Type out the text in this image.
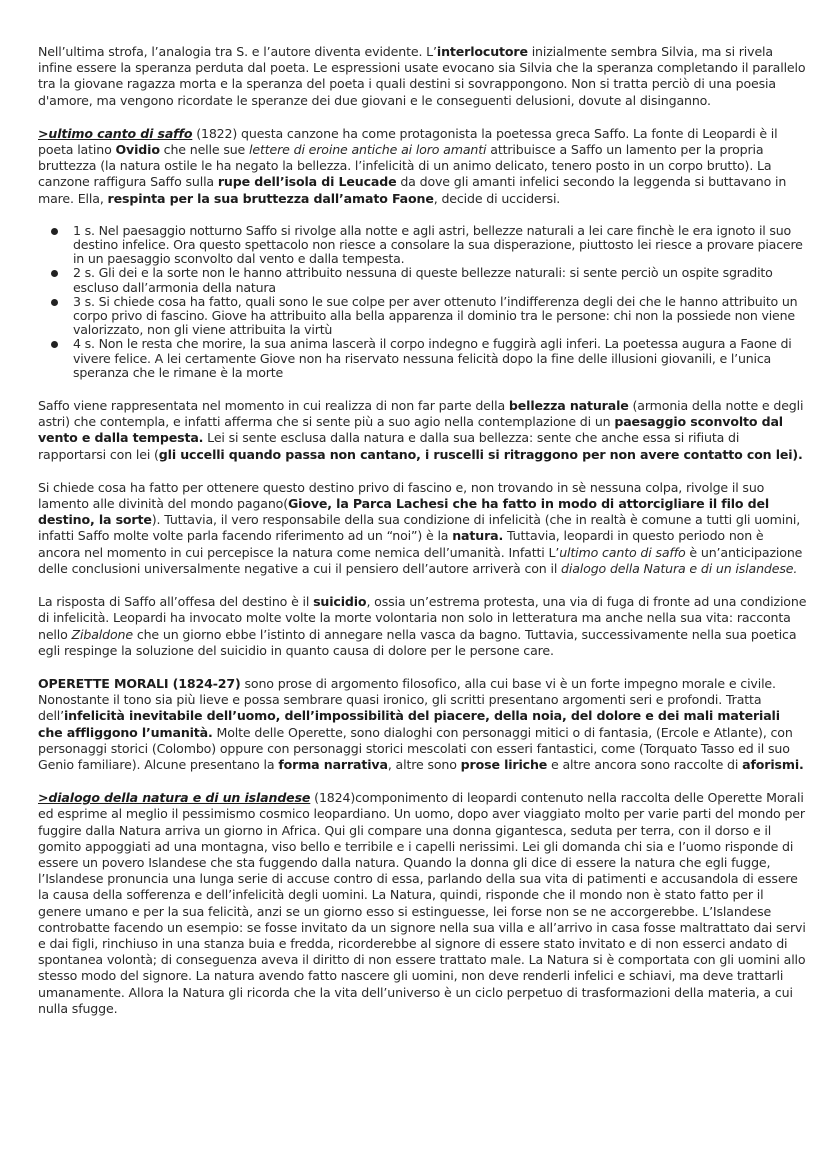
Nell’ultima strofa, l’analogia tra S. e l’autore diventa evidente. L’interlocutore inizialmente sembra Silvia, ma si rivela infine essere la speranza perduta dal poeta. Le espressioni usate evocano sia Silvia che la speranza completando il parallelo tra la giovane ragazza morta e la speranza del poeta i quali destini si sovrappongono. Non si tratta perciò di una poesia d'amore, ma vengono ricordate le speranze dei due giovani e le conseguenti delusioni, dovute al disinganno.

>ultimo canto di saffo (1822) questa canzone ha come protagonista la poetessa greca Saffo. La fonte di Leopardi è il poeta latino Ovidio che nelle sue lettere di eroine antiche ai loro amanti attribuisce a Saffo un lamento per la propria bruttezza (la natura ostile le ha negato la bellezza. l’infelicità di un animo delicato, tenero posto in un corpo brutto). La canzone raffigura Saffo sulla rupe dell’isola di Leucade da dove gli amanti infelici secondo la leggenda si buttavano in mare. Ella, respinta per la sua bruttezza dall’amato Faone, decide di uccidersi.

1 s. Nel paesaggio notturno Saffo si rivolge alla notte e agli astri, bellezze naturali a lei care finchè le era ignoto il suo destino infelice. Ora questo spettacolo non riesce a consolare la sua disperazione, piuttosto lei riesce a provare piacere in un paesaggio sconvolto dal vento e dalla tempesta.
2 s. Gli dei e la sorte non le hanno attribuito nessuna di queste bellezze naturali: si sente perciò un ospite sgradito escluso dall’armonia della natura
3 s. Si chiede cosa ha fatto, quali sono le sue colpe per aver ottenuto l’indifferenza degli dei che le hanno attribuito un corpo privo di fascino. Giove ha attribuito alla bella apparenza il dominio tra le persone: chi non la possiede non viene valorizzato, non gli viene attribuita la virtù
4 s. Non le resta che morire, la sua anima lascerà il corpo indegno e fuggirà agli inferi. La poetessa augura a Faone di vivere felice. A lei certamente Giove non ha riservato nessuna felicità dopo la fine delle illusioni giovanili, e l’unica speranza che le rimane è la morte

Saffo viene rappresentata nel momento in cui realizza di non far parte della bellezza naturale (armonia della notte e degli astri) che contempla, e infatti afferma che si sente più a suo agio nella contemplazione di un paesaggio sconvolto dal vento e dalla tempesta. Lei si sente esclusa dalla natura e dalla sua bellezza: sente che anche essa si rifiuta di rapportarsi con lei (gli uccelli quando passa non cantano, i ruscelli si ritraggono per non avere contatto con lei).

Si chiede cosa ha fatto per ottenere questo destino privo di fascino e, non trovando in sè nessuna colpa, rivolge il suo lamento alle divinità del mondo pagano(Giove, la Parca Lachesi che ha fatto in modo di attorcigliare il filo del destino, la sorte). Tuttavia, il vero responsabile della sua condizione di infelicità (che in realtà è comune a tutti gli uomini, infatti Saffo molte volte parla facendo riferimento ad un “noi”) è la natura. Tuttavia, leopardi in questo periodo non è ancora nel momento in cui percepisce la natura come nemica dell’umanità. Infatti L’ultimo canto di saffo è un’anticipazione delle conclusioni universalmente negative a cui il pensiero dell’autore arriverà con il dialogo della Natura e di un islandese.

La risposta di Saffo all’offesa del destino è il suicidio, ossia un’estrema protesta, una via di fuga di fronte ad una condizione di infelicità. Leopardi ha invocato molte volte la morte volontaria non solo in letteratura ma anche nella sua vita: racconta nello Zibaldone che un giorno ebbe l’istinto di annegare nella vasca da bagno. Tuttavia, successivamente nella sua poetica egli respinge la soluzione del suicidio in quanto causa di dolore per le persone care.

OPERETTE MORALI (1824-27) sono prose di argomento filosofico, alla cui base vi è un forte impegno morale e civile. Nonostante il tono sia più lieve e possa sembrare quasi ironico, gli scritti presentano argomenti seri e profondi. Tratta dell’infelicità inevitabile dell’uomo, dell’impossibilità del piacere, della noia, del dolore e dei mali materiali che affliggono l’umanità. Molte delle Operette, sono dialoghi con personaggi mitici o di fantasia, (Ercole e Atlante), con personaggi storici (Colombo) oppure con personaggi storici mescolati con esseri fantastici, come (Torquato Tasso ed il suo Genio familiare). Alcune presentano la forma narrativa, altre sono prose liriche e altre ancora sono raccolte di aforismi.

>dialogo della natura e di un islandese (1824)componimento di leopardi contenuto nella raccolta delle Operette Morali ed esprime al meglio il pessimismo cosmico leopardiano. Un uomo, dopo aver viaggiato molto per varie parti del mondo per fuggire dalla Natura arriva un giorno in Africa. Qui gli compare una donna gigantesca, seduta per terra, con il dorso e il gomito appoggiati ad una montagna, viso bello e terribile e i capelli nerissimi. Lei gli domanda chi sia e l’uomo risponde di essere un povero Islandese che sta fuggendo dalla natura. Quando la donna gli dice di essere la natura che egli fugge, l’Islandese pronuncia una lunga serie di accuse contro di essa, parlando della sua vita di patimenti e accusandola di essere la causa della sofferenza e dell’infelicità degli uomini. La Natura, quindi, risponde che il mondo non è stato fatto per il genere umano e per la sua felicità, anzi se un giorno esso si estinguesse, lei forse non se ne accorgerebbe. L’Islandese controbatte facendo un esempio: se fosse invitato da un signore nella sua villa e all’arrivo in casa fosse maltrattato dai servi e dai figli, rinchiuso in una stanza buia e fredda, ricorderebbe al signore di essere stato invitato e di non esserci andato di spontanea volontà; di conseguenza aveva il diritto di non essere trattato male. La Natura si è comportata con gli uomini allo stesso modo del signore. La natura avendo fatto nascere gli uomini, non deve renderli infelici e schiavi, ma deve trattarli umanamente. Allora la Natura gli ricorda che la vita dell’universo è un ciclo perpetuo di trasformazioni della materia, a cui nulla sfugge.
